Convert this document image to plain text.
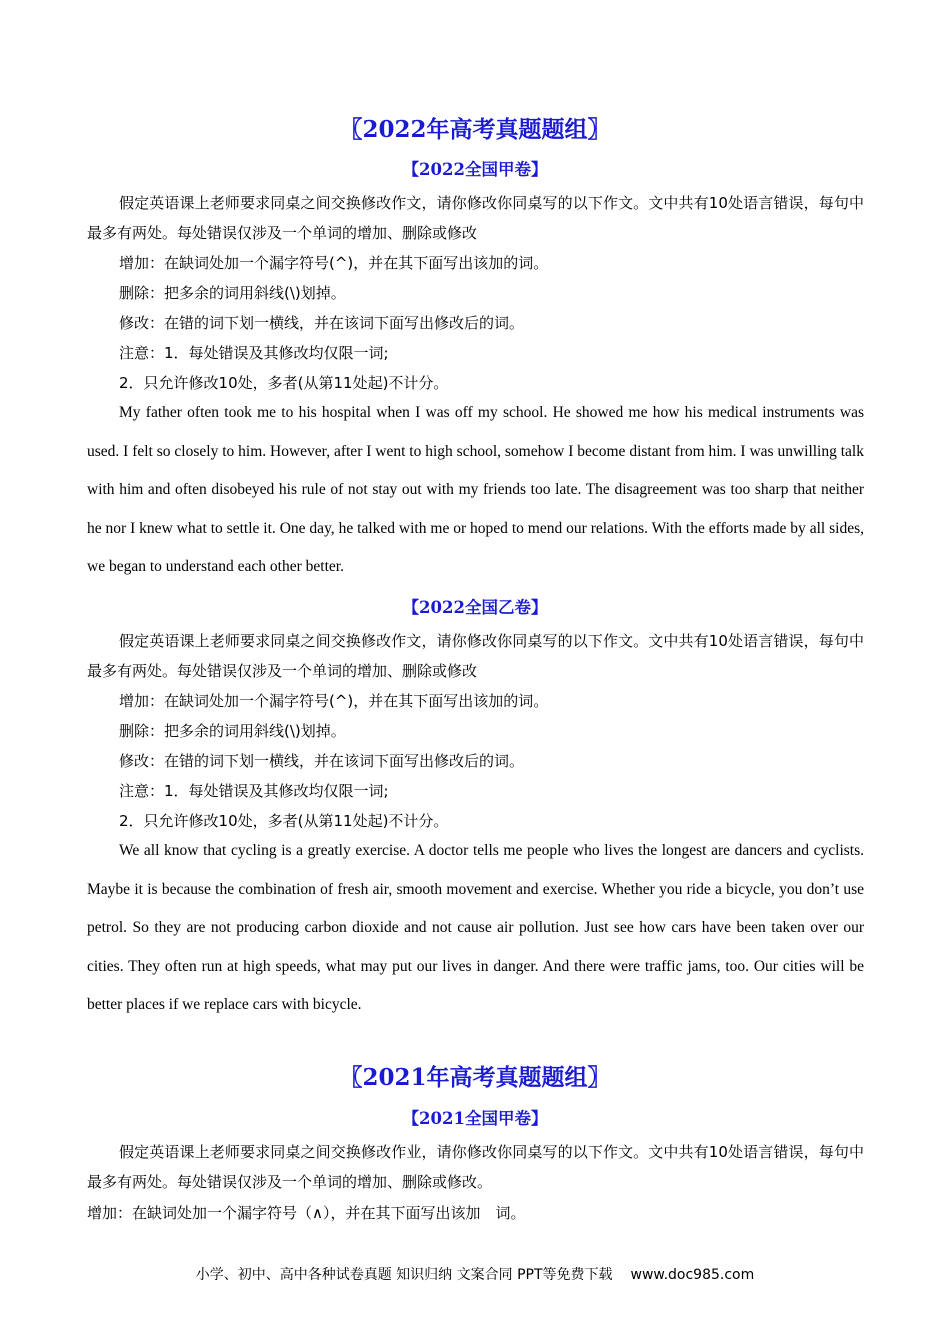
〖2022年高考真题题组〗
【2022全国甲卷】
假定英语课上老师要求同桌之间交换修改作文，请你修改你同桌写的以下作文。文中共有10处语言错误，每句中最多有两处。每处错误仅涉及一个单词的增加、删除或修改
增加：在缺词处加一个漏字符号(^)，并在其下面写出该加的词。
删除：把多余的词用斜线(\)划掉。
修改：在错的词下划一横线，并在该词下面写出修改后的词。
注意：1．每处错误及其修改均仅限一词;
2．只允许修改10处，多者(从第11处起)不计分。
My father often took me to his hospital when I was off my school. He showed me how his medical instruments was used. I felt so closely to him. However, after I went to high school, somehow I become distant from him. I was unwilling talk with him and often disobeyed his rule of not stay out with my friends too late. The disagreement was too sharp that neither he nor I knew what to settle it. One day, he talked with me or hoped to mend our relations. With the efforts made by all sides, we began to understand each other better.
【2022全国乙卷】
假定英语课上老师要求同桌之间交换修改作文，请你修改你同桌写的以下作文。文中共有10处语言错误，每句中最多有两处。每处错误仅涉及一个单词的增加、删除或修改
增加：在缺词处加一个漏字符号(^)，并在其下面写出该加的词。
删除：把多余的词用斜线(\)划掉。
修改：在错的词下划一横线，并在该词下面写出修改后的词。
注意：1．每处错误及其修改均仅限一词;
2．只允许修改10处，多者(从第11处起)不计分。
We all know that cycling is a greatly exercise. A doctor tells me people who lives the longest are dancers and cyclists. Maybe it is because the combination of fresh air, smooth movement and exercise. Whether you ride a bicycle, you don’t use petrol. So they are not producing carbon dioxide and not cause air pollution. Just see how cars have been taken over our cities. They often run at high speeds, what may put our lives in danger. And there were traffic jams, too. Our cities will be better places if we replace cars with bicycle.
〖2021年高考真题题组〗
【2021全国甲卷】
假定英语课上老师要求同桌之间交换修改作业，请你修改你同桌写的以下作文。文中共有10处语言错误，每句中最多有两处。每处错误仅涉及一个单词的增加、删除或修改。
增加：在缺词处加一个漏字符号（∧），并在其下面写出该加　词。
小学、初中、高中各种试卷真题 知识归纳 文案合同 PPT等免费下载 www.doc985.com
